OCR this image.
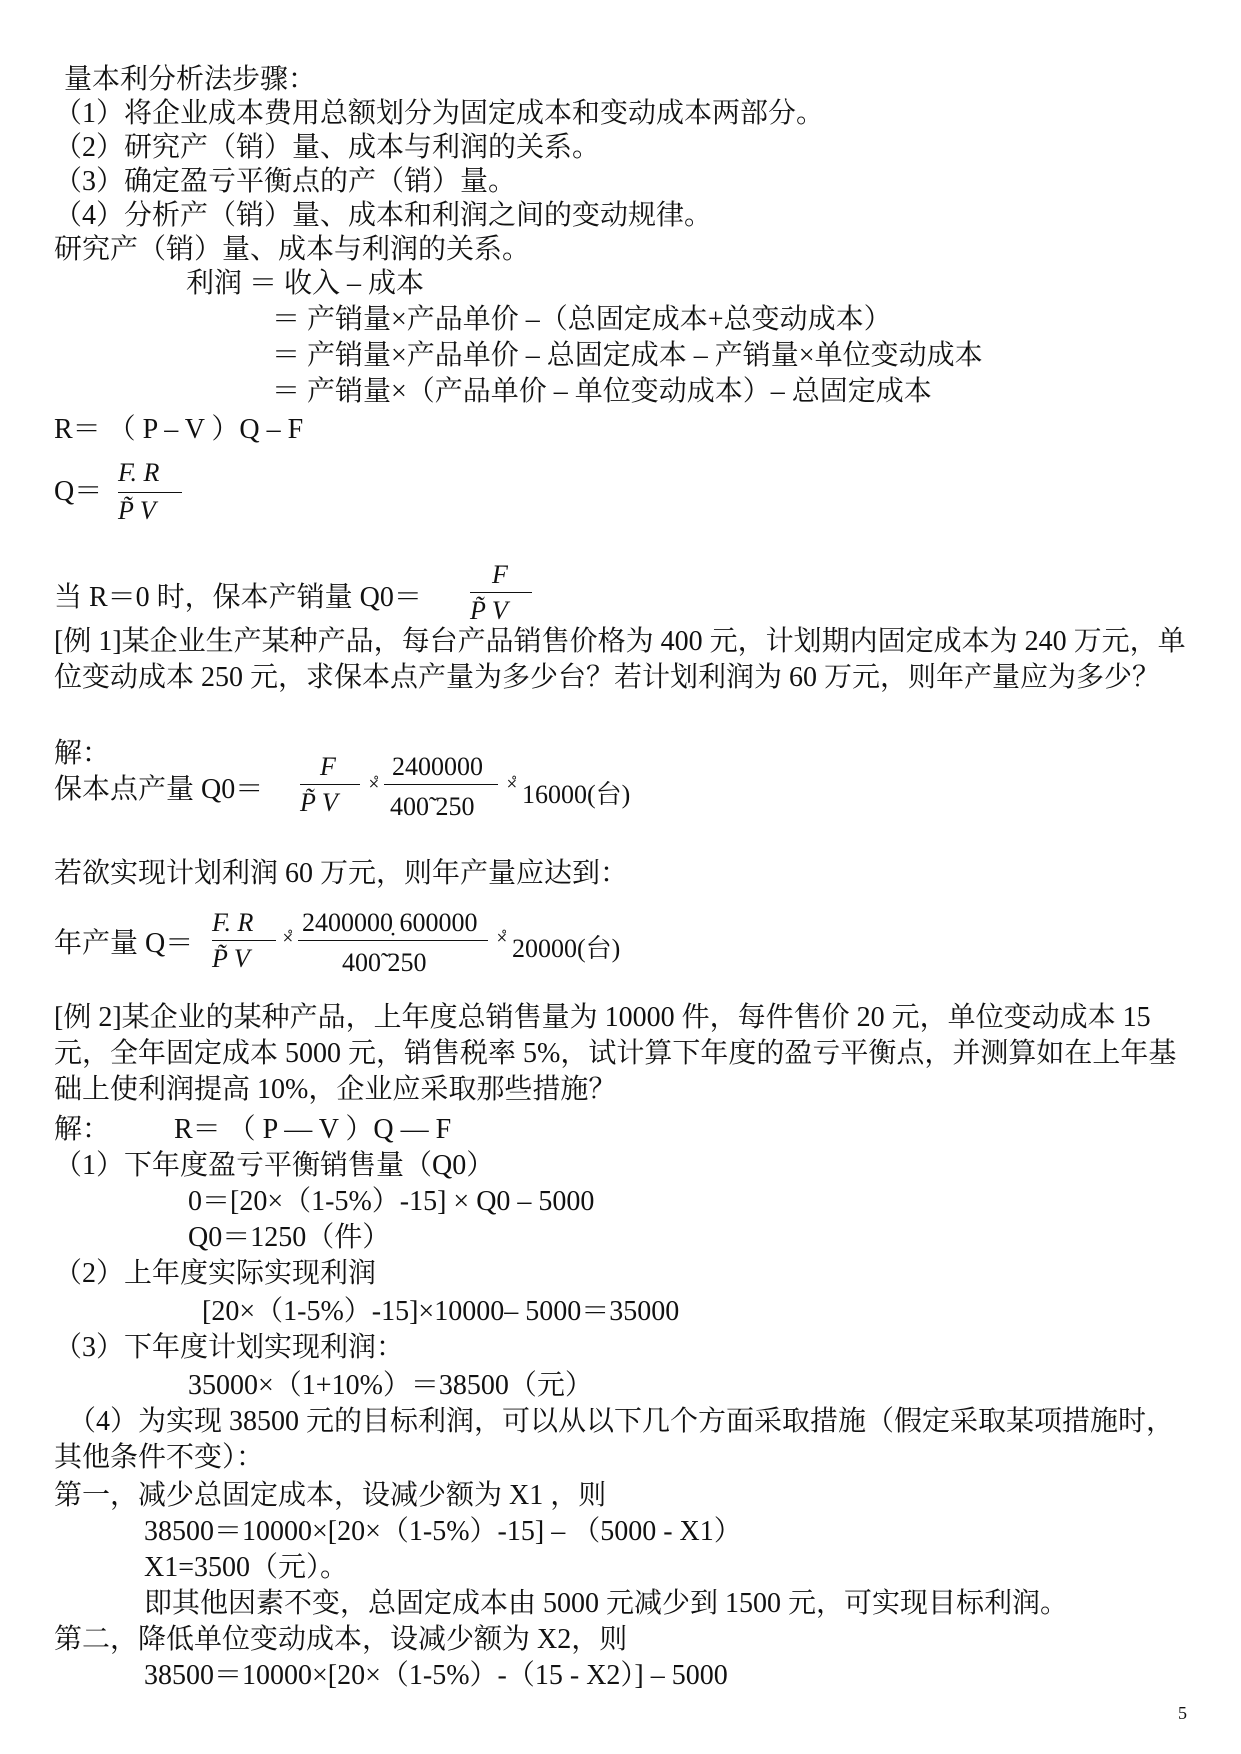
量本利分析法步骤：
（1）将企业成本费用总额划分为固定成本和变动成本两部分。
（2）研究产（销）量、成本与利润的关系。
（3）确定盈亏平衡点的产（销）量。
（4）分析产（销）量、成本和利润之间的变动规律。
研究产（销）量、成本与利润的关系。
利润 ＝ 收入 – 成本
＝ 产销量×产品单价 –（总固定成本+总变动成本）
＝ 产销量×产品单价 – 总固定成本 – 产销量×单位变动成本
＝ 产销量×（产品单价 – 单位变动成本）– 总固定成本
R＝ （ P – V ）Q – F
Q＝
F. R
P̃ V
当 R＝0 时，保本产销量 Q0＝
F
P̃ V
[例 1]某企业生产某种产品，每台产品销售价格为 400 元，计划期内固定成本为 240 万元，单位变动成本 250 元，求保本点产量为多少台？若计划利润为 60 万元，则年产量应为多少？
解：
保本点产量 Q0＝
F
P̃ V
×̊
2400000
400̃ 250
×̊ 16000(台)
若欲实现计划利润 60 万元，则年产量应达到：
年产量 Q＝
F. R
P̃ V
×̊
2400000̣ 600000
400̃ 250
×̊ 20000(台)
[例 2]某企业的某种产品，上年度总销售量为 10000 件，每件售价 20 元，单位变动成本 15 元，全年固定成本 5000 元，销售税率 5%，试计算下年度的盈亏平衡点，并测算如在上年基础上使利润提高 10%，企业应采取那些措施？
解： R＝ （ P — V ）Q — F
（1）下年度盈亏平衡销售量（Q0）
0＝[20×（1-5%）-15] × Q0 – 5000
Q0＝1250（件）
（2）上年度实际实现利润
[20×（1-5%）-15]×10000– 5000＝35000
（3）下年度计划实现利润：
35000×（1+10%）＝38500（元）
（4）为实现 38500 元的目标利润，可以从以下几个方面采取措施（假定采取某项措施时，其他条件不变）：
第一，减少总固定成本，设减少额为 X1 ，则
38500＝10000×[20×（1-5%）-15] – （5000 - X1）
X1=3500（元）。
即其他因素不变，总固定成本由 5000 元减少到 1500 元，可实现目标利润。
第二，降低单位变动成本，设减少额为 X2，则
38500＝10000×[20×（1-5%）-（15 - X2）] – 5000
5
